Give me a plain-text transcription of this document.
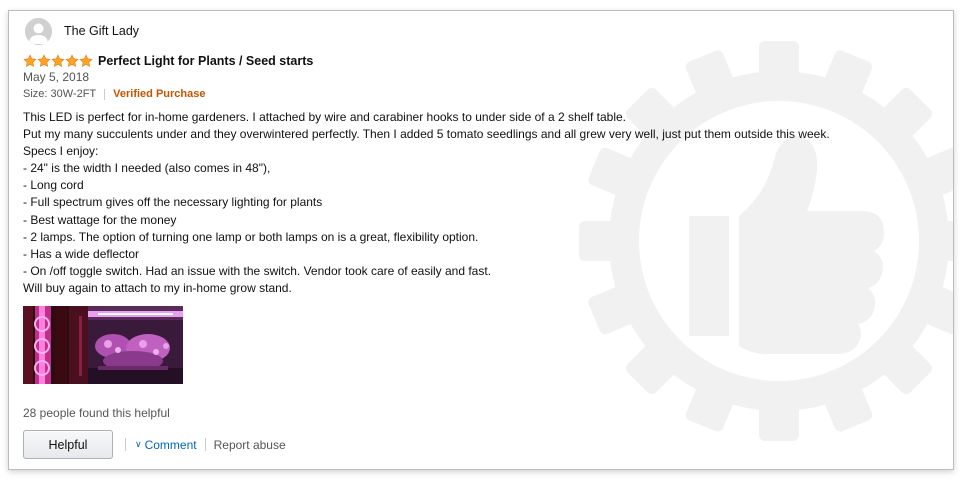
The Gift Lady
Perfect Light for Plants / Seed starts
May 5, 2018
Size: 30W-2FT Verified Purchase
This LED is perfect for in-home gardeners. I attached by wire and carabiner hooks to under side of a 2 shelf table.
Put my many succulents under and they overwintered perfectly. Then I added 5 tomato seedlings and all grew very well, just put them outside this week.
Specs I enjoy:
- 24" is the width I needed (also comes in 48"),
- Long cord
- Full spectrum gives off the necessary lighting for plants
- Best wattage for the money
- 2 lamps. The option of turning one lamp or both lamps on is a great, flexibility option.
- Has a wide deflector
- On /off toggle switch. Had an issue with the switch. Vendor took care of easily and fast.
Will buy again to attach to my in-home grow stand.
28 people found this helpful
Helpful	∨ Comment Report abuse
